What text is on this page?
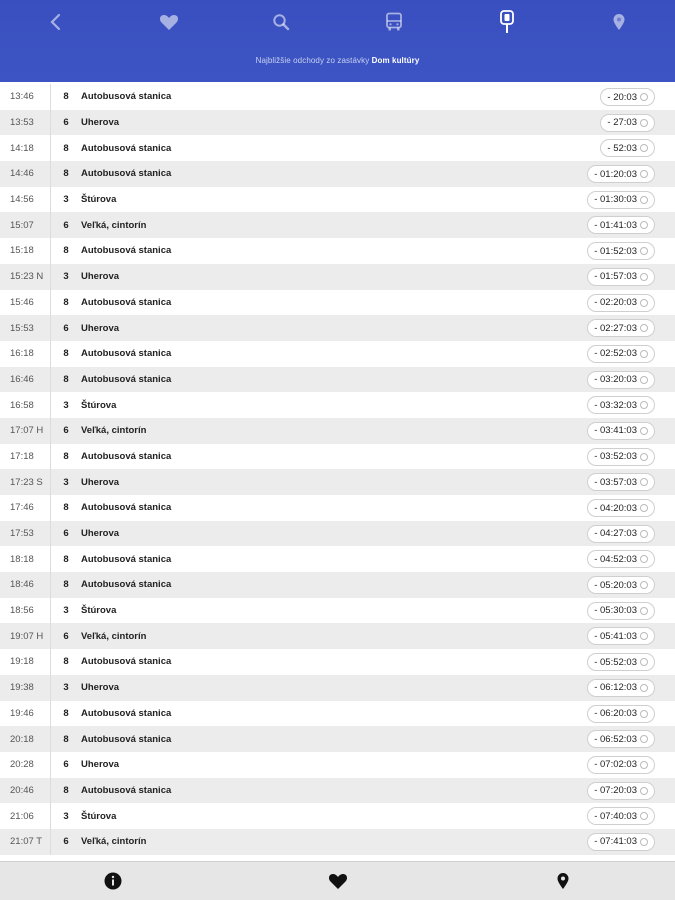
Najbližšie odchody zo zastávky Dom kultúry
13:46	8	Autobusová stanica	- 20:03
13:53	6	Uherova	- 27:03
14:18	8	Autobusová stanica	- 52:03
14:46	8	Autobusová stanica	- 01:20:03
14:56	3	Štúrova	- 01:30:03
15:07	6	Veľká, cintorín	- 01:41:03
15:18	8	Autobusová stanica	- 01:52:03
15:23 N	3	Uherova	- 01:57:03
15:46	8	Autobusová stanica	- 02:20:03
15:53	6	Uherova	- 02:27:03
16:18	8	Autobusová stanica	- 02:52:03
16:46	8	Autobusová stanica	- 03:20:03
16:58	3	Štúrova	- 03:32:03
17:07 H	6	Veľká, cintorín	- 03:41:03
17:18	8	Autobusová stanica	- 03:52:03
17:23 S	3	Uherova	- 03:57:03
17:46	8	Autobusová stanica	- 04:20:03
17:53	6	Uherova	- 04:27:03
18:18	8	Autobusová stanica	- 04:52:03
18:46	8	Autobusová stanica	- 05:20:03
18:56	3	Štúrova	- 05:30:03
19:07 H	6	Veľká, cintorín	- 05:41:03
19:18	8	Autobusová stanica	- 05:52:03
19:38	3	Uherova	- 06:12:03
19:46	8	Autobusová stanica	- 06:20:03
20:18	8	Autobusová stanica	- 06:52:03
20:28	6	Uherova	- 07:02:03
20:46	8	Autobusová stanica	- 07:20:03
21:06	3	Štúrova	- 07:40:03
21:07 T	6	Veľká, cintorín	- 07:41:03
